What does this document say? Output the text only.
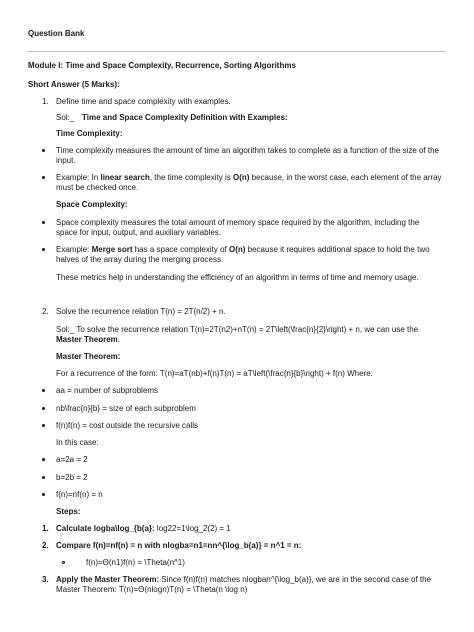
Question Bank
Module I: Time and Space Complexity, Recurrence, Sorting Algorithms
Short Answer (5 Marks):
1. Define time and space complexity with examples.
Sol:_ Time and Space Complexity Definition with Examples:
Time Complexity:
Time complexity measures the amount of time an algorithm takes to complete as a function of the size of the
input.
Example: In linear search, the time complexity is O(n) because, in the worst case, each element of the array
must be checked once.
Space Complexity:
Space complexity measures the total amount of memory space required by the algorithm, including the
space for input, output, and auxiliary variables.
Example: Merge sort has a space complexity of O(n) because it requires additional space to hold the two
halves of the array during the merging process.
These metrics help in understanding the efficiency of an algorithm in terms of time and memory usage.
2. Solve the recurrence relation T(n) = 2T(n/2) + n.
Sol:_ To solve the recurrence relation T(n)=2T(n2)+nT(n) = 2T\left(\frac{n}{2}\right) + n, we can use the
Master Theorem.
Master Theorem:
For a recurrence of the form: T(n)=aT(nb)+f(n)T(n) = aT\left(\frac{n}{b}\right) + f(n) Where:
aa = number of subproblems
nb\frac{n}{b} = size of each subproblem
f(n)f(n) = cost outside the recursive calls
In this case:
a=2a = 2
b=2b = 2
f(n)=nf(n) = n
Steps:
1. Calculate log⁡ba\log_{b(a}: log⁡22=1\log_2(2) = 1
2. Compare f(n)=nf(n) = n with nlog⁡ba=n1=nn^{\log_b(a)} = n^1 = n:
f(n)=Θ(n1)f(n) = \Theta(n^1)
3. Apply the Master Theorem: Since f(n)f(n) matches nlog⁡ban^{\log_b(a)}, we are in the second case of the
Master Theorem: T(n)=Θ(nlog⁡n)T(n) = \Theta(n \log n)
